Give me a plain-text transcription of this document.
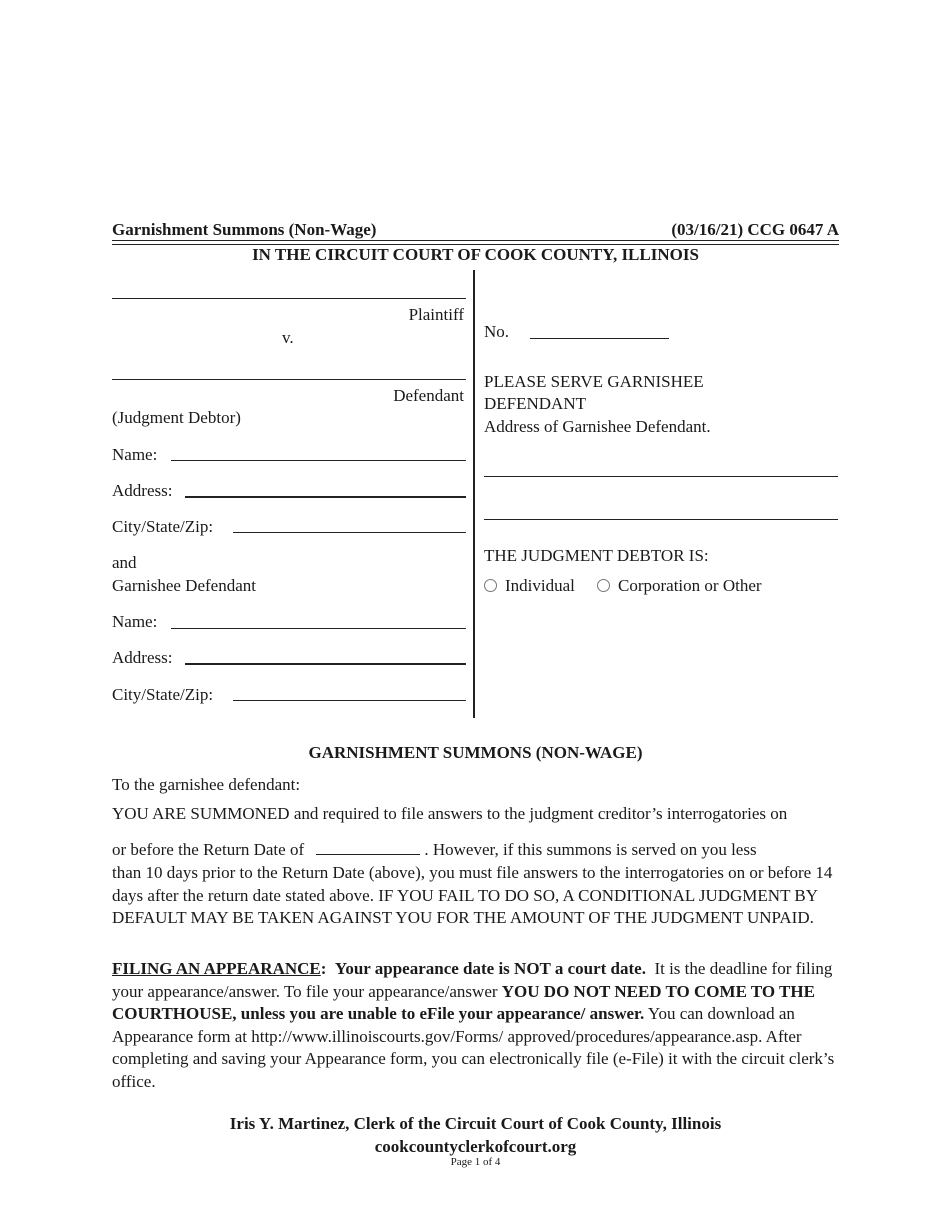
Garnishment Summons (Non-Wage)	(03/16/21) CCG 0647 A
IN THE CIRCUIT COURT OF COOK COUNTY, ILLINOIS
Plaintiff
v.
Defendant
(Judgment Debtor)
Name:
Address:
City/State/Zip:
and
Garnishee Defendant
Name:
Address:
City/State/Zip:
No.
PLEASE SERVE GARNISHEE
DEFENDANT
Address of Garnishee Defendant.
THE JUDGMENT DEBTOR IS:
Individual	Corporation or Other
GARNISHMENT SUMMONS (NON-WAGE)
To the garnishee defendant:
YOU ARE SUMMONED and required to file answers to the judgment creditor’s interrogatories on
or before the Return Date of	. However, if this summons is served on you less
than 10 days prior to the Return Date (above), you must file answers to the interrogatories on or before 14 days after the return date stated above. IF YOU FAIL TO DO SO, A CONDITIONAL JUDGMENT BY DEFAULT MAY BE TAKEN AGAINST YOU FOR THE AMOUNT OF THE JUDGMENT UNPAID.
FILING AN APPEARANCE: Your appearance date is NOT a court date. It is the deadline for filing your appearance/answer. To file your appearance/answer YOU DO NOT NEED TO COME TO THE COURTHOUSE, unless you are unable to eFile your appearance/ answer. You can download an Appearance form at http://www.illinoiscourts.gov/Forms/ approved/procedures/appearance.asp. After completing and saving your Appearance form, you can electronically file (e-File) it with the circuit clerk’s office.
Iris Y. Martinez, Clerk of the Circuit Court of Cook County, Illinois
cookcountyclerkofcourt.org
Page 1 of 4
